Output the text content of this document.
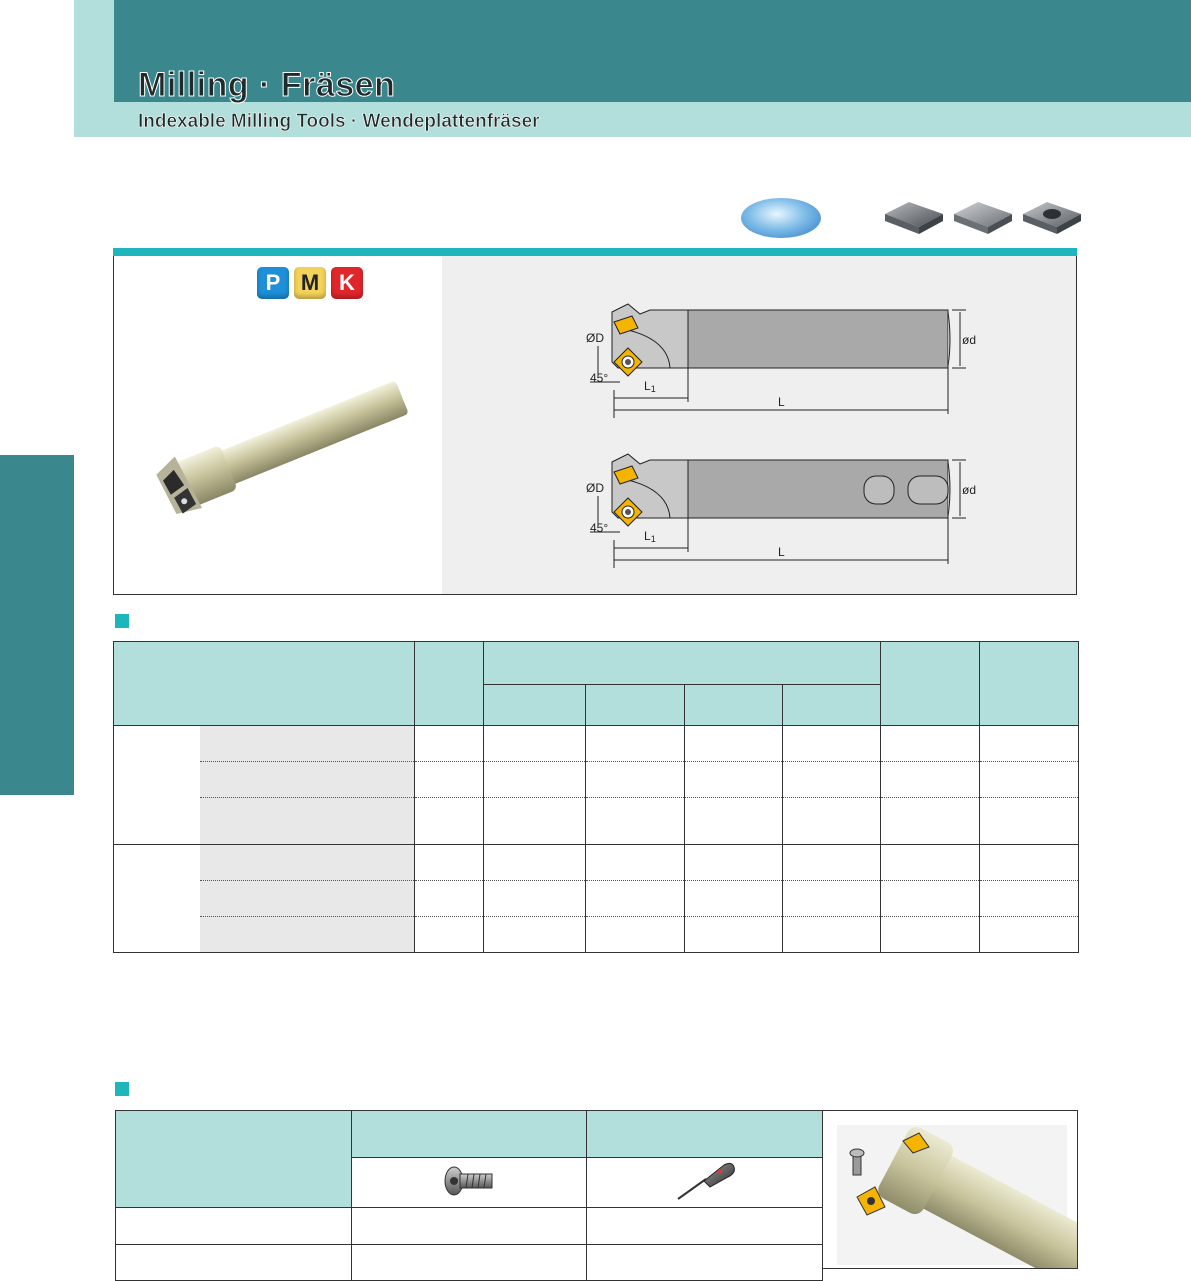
Milling · Fräsen
Indexable Milling Tools · Wendeplattenfräser
P M K
ØD	ød
45°
L1
L
ØD	ød
45°
L1
L
